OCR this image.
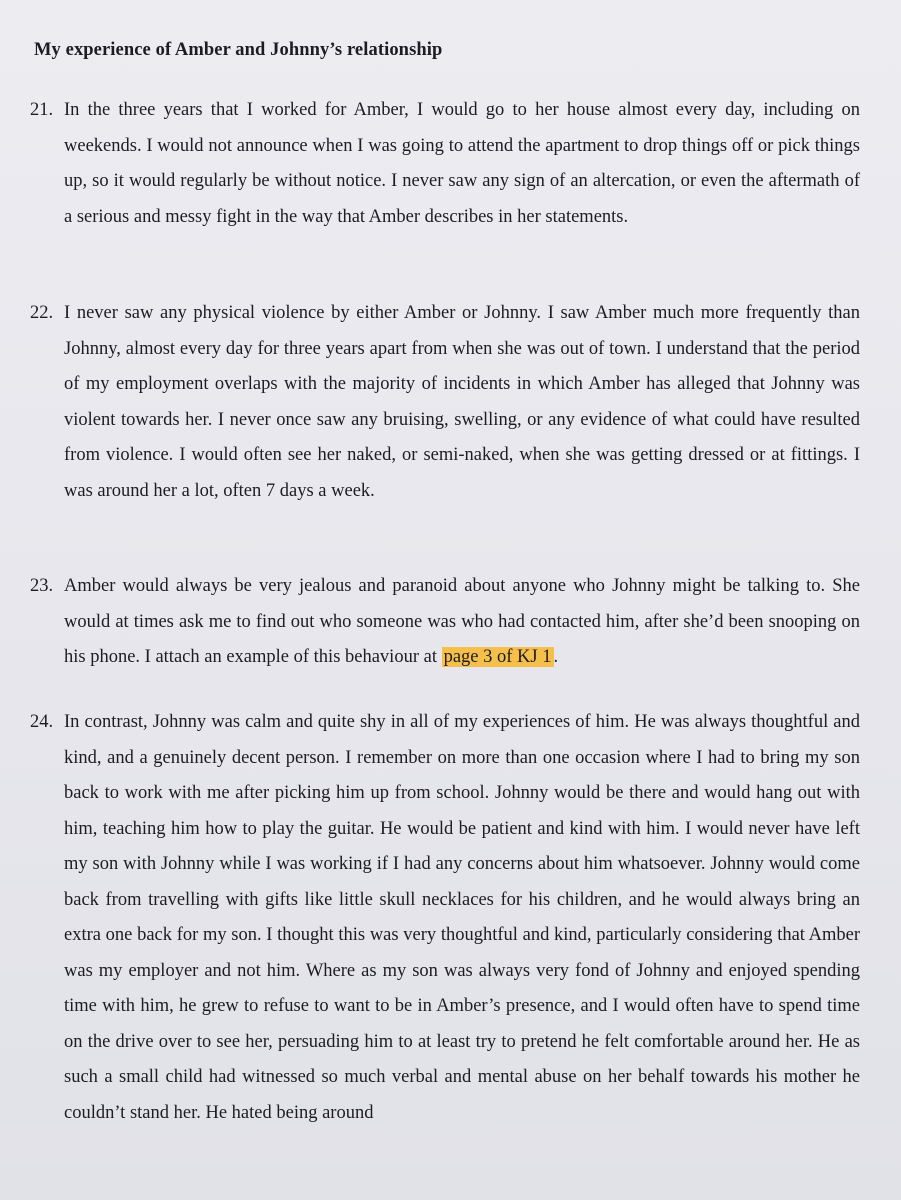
My experience of Amber and Johnny’s relationship
21. In the three years that I worked for Amber, I would go to her house almost every day, including on weekends. I would not announce when I was going to attend the apartment to drop things off or pick things up, so it would regularly be without notice. I never saw any sign of an altercation, or even the aftermath of a serious and messy fight in the way that Amber describes in her statements.
22. I never saw any physical violence by either Amber or Johnny. I saw Amber much more frequently than Johnny, almost every day for three years apart from when she was out of town. I understand that the period of my employment overlaps with the majority of incidents in which Amber has alleged that Johnny was violent towards her. I never once saw any bruising, swelling, or any evidence of what could have resulted from violence. I would often see her naked, or semi-naked, when she was getting dressed or at fittings. I was around her a lot, often 7 days a week.
23. Amber would always be very jealous and paranoid about anyone who Johnny might be talking to. She would at times ask me to find out who someone was who had contacted him, after she’d been snooping on his phone. I attach an example of this behaviour at page 3 of KJ 1 .
24. In contrast, Johnny was calm and quite shy in all of my experiences of him. He was always thoughtful and kind, and a genuinely decent person. I remember on more than one occasion where I had to bring my son back to work with me after picking him up from school. Johnny would be there and would hang out with him, teaching him how to play the guitar. He would be patient and kind with him. I would never have left my son with Johnny while I was working if I had any concerns about him whatsoever. Johnny would come back from travelling with gifts like little skull necklaces for his children, and he would always bring an extra one back for my son. I thought this was very thoughtful and kind, particularly considering that Amber was my employer and not him. Where as my son was always very fond of Johnny and enjoyed spending time with him, he grew to refuse to want to be in Amber’s presence, and I would often have to spend time on the drive over to see her, persuading him to at least try to pretend he felt comfortable around her. He as such a small child had witnessed so much verbal and mental abuse on her behalf towards his mother he couldn’t stand her. He hated being around
